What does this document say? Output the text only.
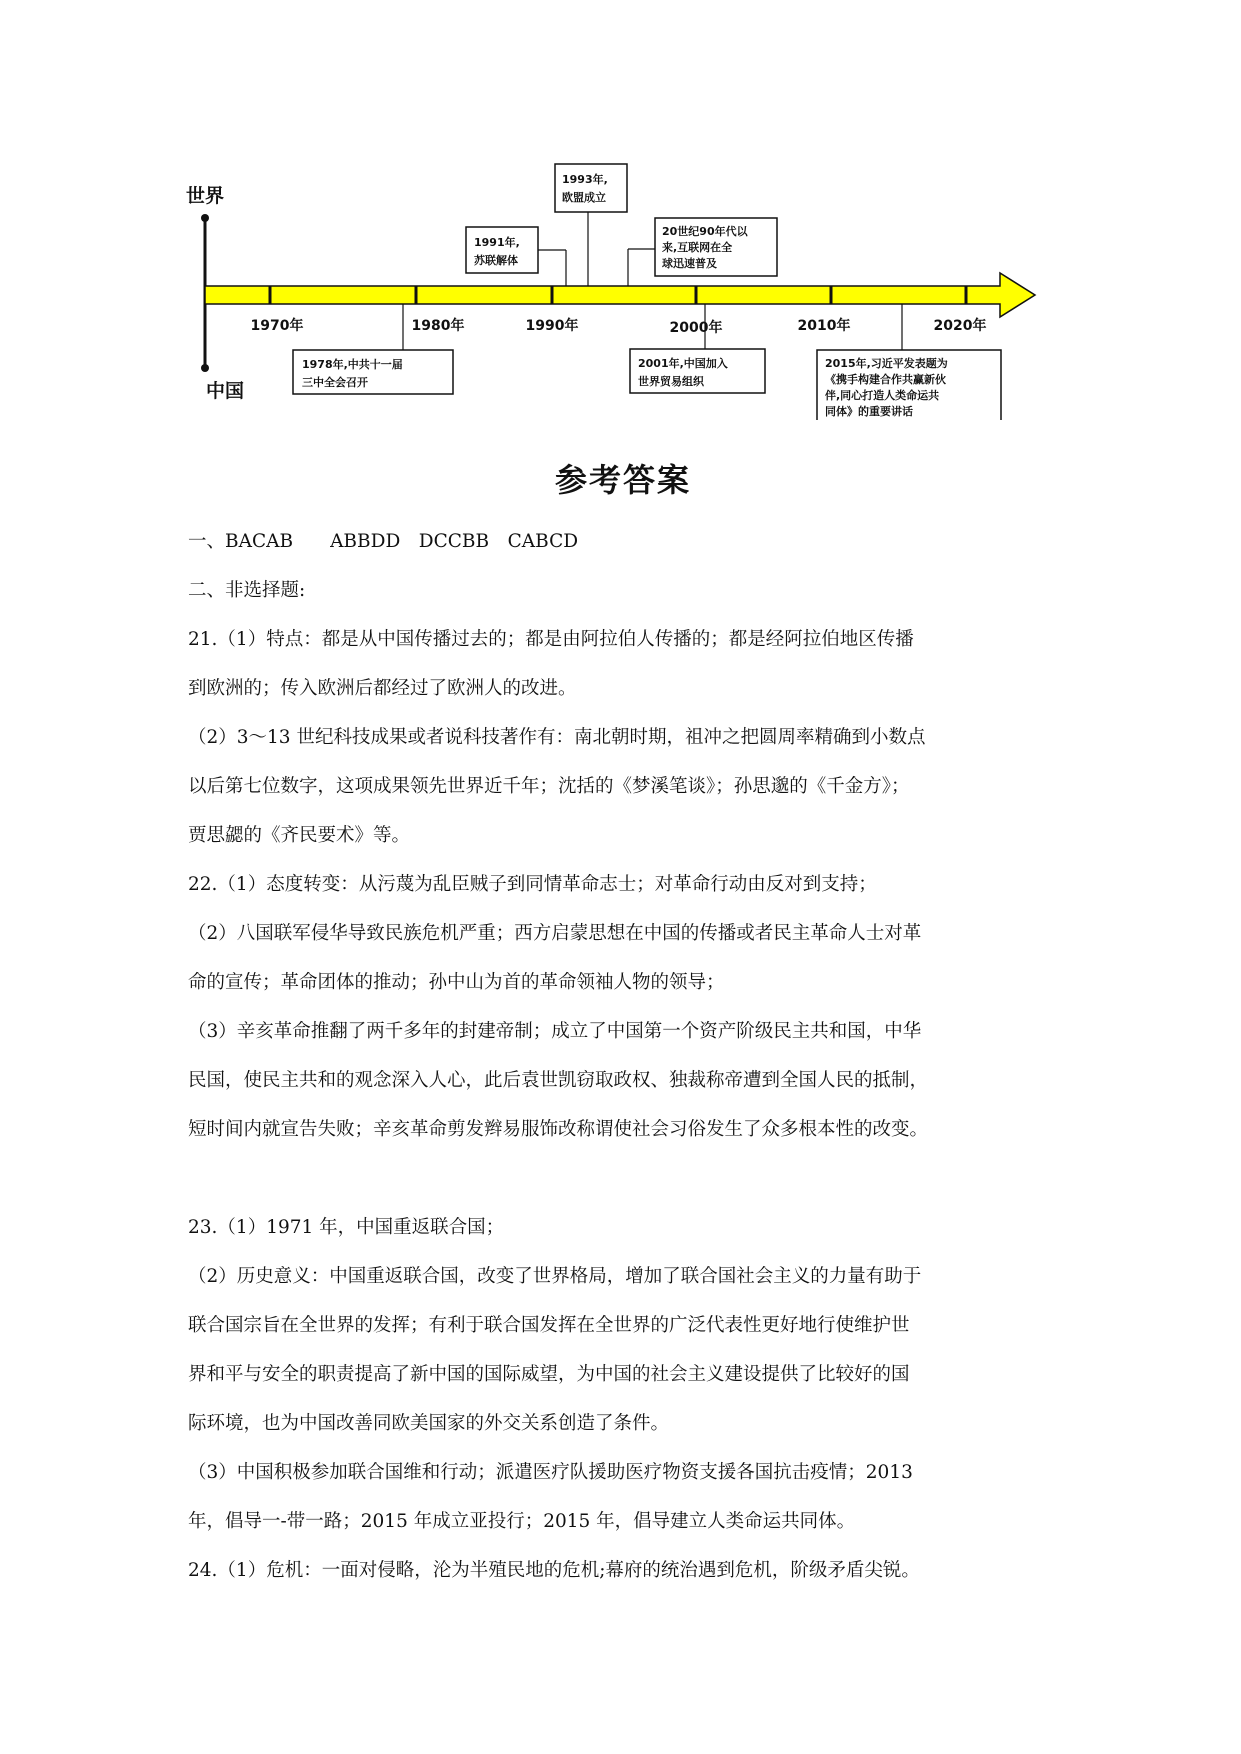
世界
中国
1970年	1980年	1990年	2000年	2010年	2020年
1993年,
欧盟成立
1991年,
苏联解体
20世纪90年代以
来,互联网在全
球迅速普及
1978年,中共十一届
三中全会召开
2001年,中国加入
世界贸易组织
2015年,习近平发表题为
《携手构建合作共赢新伙
伴,同心打造人类命运共
同体》的重要讲话
参考答案

一、BACAB　　ABBDD　DCCBB　CABCD

二、非选择题:

21.（1）特点：都是从中国传播过去的；都是由阿拉伯人传播的；都是经阿拉伯地区传播

到欧洲的；传入欧洲后都经过了欧洲人的改进。

（2）3～13 世纪科技成果或者说科技著作有：南北朝时期，祖冲之把圆周率精确到小数点

以后第七位数字，这项成果领先世界近千年；沈括的《梦溪笔谈》；孙思邈的《千金方》；

贾思勰的《齐民要术》等。

22.（1）态度转变：从污蔑为乱臣贼子到同情革命志士；对革命行动由反对到支持；

（2）八国联军侵华导致民族危机严重；西方启蒙思想在中国的传播或者民主革命人士对革

命的宣传；革命团体的推动；孙中山为首的革命领袖人物的领导；

（3）辛亥革命推翻了两千多年的封建帝制；成立了中国第一个资产阶级民主共和国，中华

民国，使民主共和的观念深入人心，此后袁世凯窃取政权、独裁称帝遭到全国人民的抵制，

短时间内就宣告失败；辛亥革命剪发辫易服饰改称谓使社会习俗发生了众多根本性的改变。

23.（1）1971 年，中国重返联合国；

（2）历史意义：中国重返联合国，改变了世界格局，增加了联合国社会主义的力量有助于

联合国宗旨在全世界的发挥；有利于联合国发挥在全世界的广泛代表性更好地行使维护世

界和平与安全的职责提高了新中国的国际威望，为中国的社会主义建设提供了比较好的国

际环境，也为中国改善同欧美国家的外交关系创造了条件。

（3）中国积极参加联合国维和行动；派遣医疗队援助医疗物资支援各国抗击疫情；2013

年，倡导一-带一路；2015 年成立亚投行；2015 年，倡导建立人类命运共同体。

24.（1）危机：一面对侵略，沦为半殖民地的危机;幕府的统治遇到危机，阶级矛盾尖锐。
